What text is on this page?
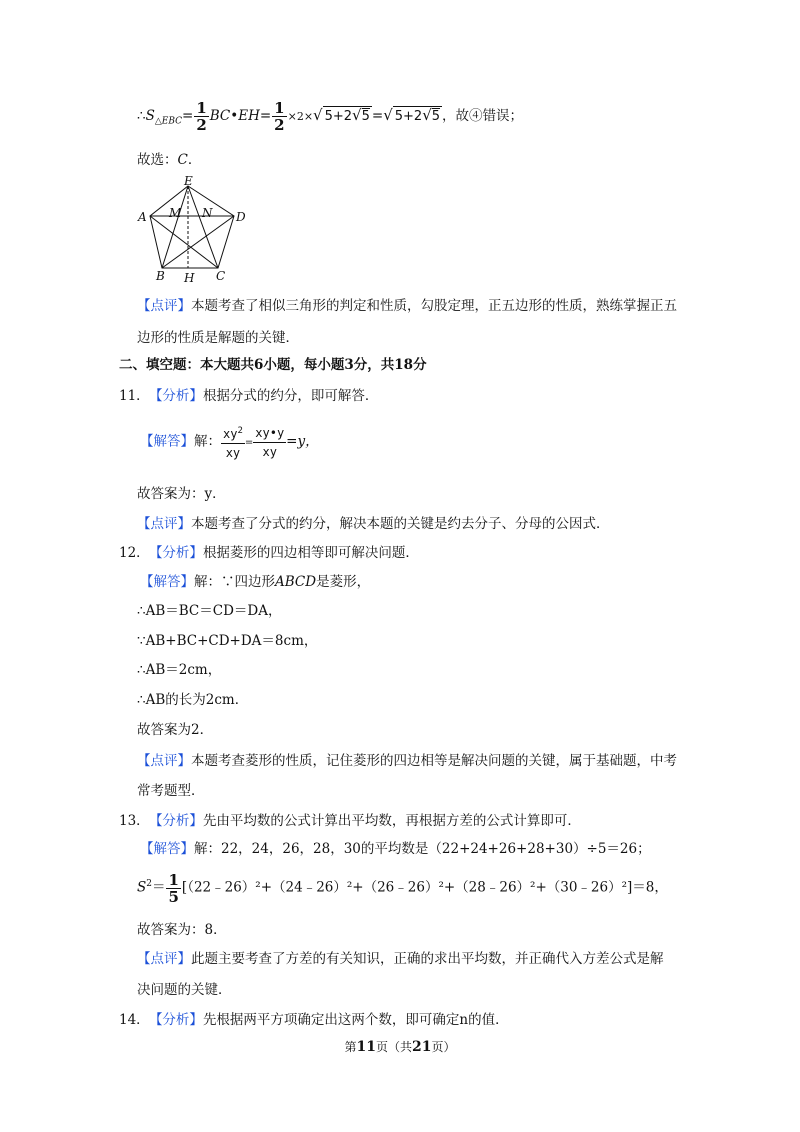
$\therefore S_{\triangle EBC}= \frac{1}{2}$ BC•EH= $\frac{1}{2} \times 2\times√$ 5+2√5 =√ 5+2√5 ，故④错误；
故选：C．
E
A M N D
B H C
【点评】本题考查了相似三角形的判定和性质，勾股定理，正五边形的性质，熟练掌握正五
边形的性质是解题的关键．
二、填空题：本大题共6小题，每小题3分，共18分
11． 【分析】根据分式的约分，即可解答．
【解答】解： $\frac{xy^2}{xy} = \frac{xy•y}{xy} =y$，
故答案为：y．
【点评】本题考查了分式的约分，解决本题的关键是约去分子、分母的公因式．
12． 【分析】根据菱形的四边相等即可解决问题．
【解答】解：∵四边形ABCD是菱形，
∴AB＝BC＝CD＝DA，
∵AB+BC+CD+DA＝8cm，
∴AB＝2cm，
∴AB的长为2cm．
故答案为2．
【点评】本题考查菱形的性质，记住菱形的四边相等是解决问题的关键，属于基础题，中考
常考题型．
13． 【分析】先由平均数的公式计算出平均数，再根据方差的公式计算即可．
【解答】解：22，24，26，28，30的平均数是（22+24+26+28+30）÷5＝26；
$S^2= \frac{1}{5}$ [（22﹣26）²+（24﹣26）²+（26﹣26）²+（28﹣26）²+（30﹣26）²]＝8，
故答案为：8．
【点评】此题主要考查了方差的有关知识，正确的求出平均数，并正确代入方差公式是解
决问题的关键．
14． 【分析】先根据两平方项确定出这两个数，即可确定n的值．
第11页（共21页）
